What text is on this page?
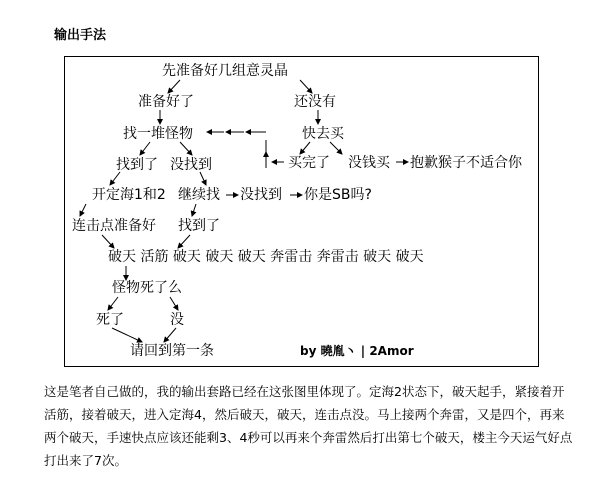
输出手法
先准备好几组意灵晶
准备好了	还没有
找一堆怪物	快去买
找到了 没找到	买完了 没钱买 抱歉猴子不适合你
开定海1和2 继续找 没找到 你是SB吗?
连击点准备好 找到了
破天 活筋 破天 破天 破天 奔雷击 奔雷击 破天 破天
怪物死了么
死了	没
请回到第一条	by 曉胤丶 | 2Amor
这是笔者自己做的，我的输出套路已经在这张图里体现了。定海2状态下，破天起手，紧接着开活筋，接着破天，进入定海4，然后破天，破天，连击点没。马上接两个奔雷，又是四个，再来两个破天，手速快点应该还能剩3、4秒可以再来个奔雷然后打出第七个破天，楼主今天运气好点打出来了7次。
